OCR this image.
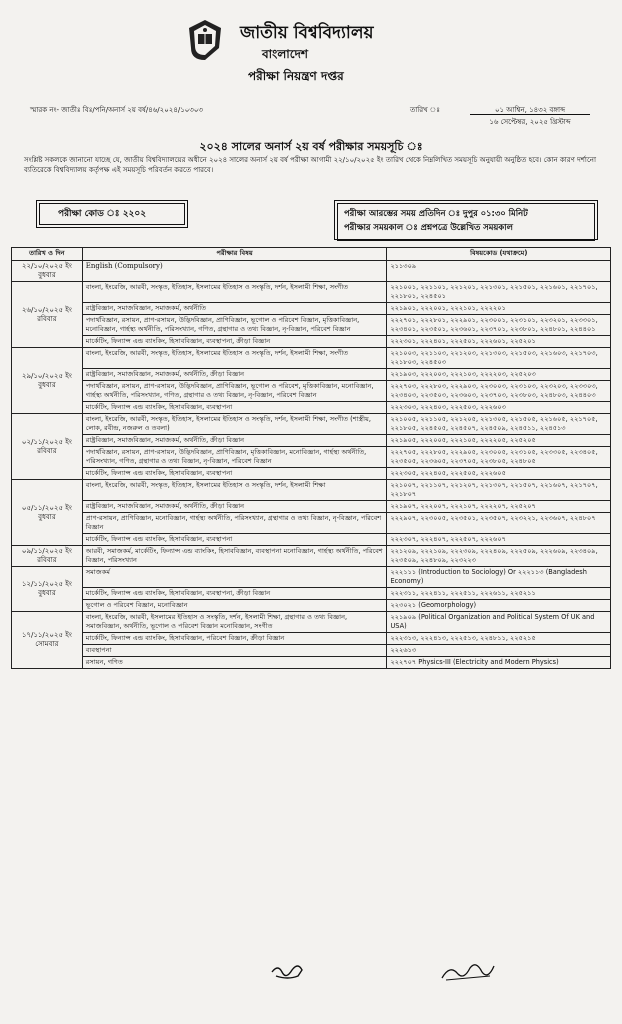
জাতীয় বিশ্ববিদ্যালয়
বাংলাদেশ
পরীক্ষা নিয়ন্ত্রণ দপ্তর
স্মারক নং- জাতীঃ বিঃ/পনি/অনার্স ২য় বর্ষ/৪৬/২০২৪/১০৩০৩	তারিখ ঃ	০১ আশ্বিন, ১৪৩২ বঙ্গাব্দ
১৬ সেপ্টেম্বর, ২০২৫ খ্রিস্টাব্দ
২০২৪ সালের অনার্স ২য় বর্ষ পরীক্ষার সময়সূচি ঃ
সংশ্লিষ্ট সকলকে জানানো যাচ্ছে যে, জাতীয় বিশ্ববিদ্যালয়ের অধীনে ২০২৪ সালের অনার্স ২য় বর্ষ পরীক্ষা আগামী ২২/১০/২০২৫ ইং তারিখ থেকে নিম্নলিখিত সময়সূচি অনুযায়ী অনুষ্ঠিত হবে। কোন কারণ দর্শানো ব্যতিরেকে বিশ্ববিদ্যালয় কর্তৃপক্ষ এই সময়সূচি পরিবর্তন করতে পারবে।
পরীক্ষা কোড ঃ ২২০২	পরীক্ষা আরম্ভের সময় প্রতিদিন ঃ দুপুর ০১:৩০ মিনিট
পরীক্ষার সময়কাল ঃ প্রশ্নপত্রে উল্লেখিত সময়কাল
তারিখ ও দিন	পরীক্ষার বিষয়	বিষয়কোড (যথাক্রমে)
২২/১০/২০২৫ ইং
বুধবার	English (Compulsory)	২১১৩০৯
২৬/১০/২০২৫ ইং
রবিবার	বাংলা, ইংরেজি, আরবী, সংস্কৃত, ইতিহাস, ইসলামের ইতিহাস ও সংস্কৃতি, দর্শন, ইসলামী শিক্ষা, সংগীত	২২১০০১, ২২১১০১, ২২১২০১, ২২১৩০১, ২২১৫০১, ২২১৬০১, ২২১৭০১, ২২১৮০১, ২২৪৫০১
	রাষ্ট্রবিজ্ঞান, সমাজবিজ্ঞান, সমাজকর্ম, অর্থনীতি	২২১৯০১, ২২২০০১, ২২২১০১, ২২২২০১
	পদার্থবিজ্ঞান, রসায়ন, প্রাণ-রসায়ন, উদ্ভিদবিজ্ঞান, প্রাণিবিজ্ঞান, ভূগোল ও পরিবেশ বিজ্ঞান, মৃত্তিকাবিজ্ঞান, মনোবিজ্ঞান, গার্হস্থ্য অর্থনীতি, পরিসংখ্যান, গণিত, গ্রন্থাগার ও তথ্য বিজ্ঞান, নৃ-বিজ্ঞান, পরিবেশ বিজ্ঞান	২২২৭০১, ২২২৮০১, ২২২৯০১, ২২৩০০১, ২২৩১০১, ২২৩২০১, ২২৩৩০১, ২২৩৪০১, ২২৩৫০১, ২২৩৬০১, ২২৩৭০১, ২২৩৮০১, ২২৪৮০১, ২২৪৪০১
	মার্কেটিং, ফিন্যান্স এন্ড ব্যাংকিং, হিসাববিজ্ঞান, ব্যবস্থাপনা, ক্রীড়া বিজ্ঞান	২২২৩০১, ২২২৪০১, ২২২৫০১, ২২২৬০১, ২২৫২০১
২৯/১০/২০২৫ ইং
বুধবার	বাংলা, ইংরেজি, আরবী, সংস্কৃত, ইতিহাস, ইসলামের ইতিহাস ও সংস্কৃতি, দর্শন, ইসলামী শিক্ষা, সংগীত	২২১০০৩, ২২১১০৩, ২২১২০৩, ২২১৩০৩, ২২১৫০৩, ২২১৬০৩, ২২১৭০৩, ২২১৮০৩, ২২৪৫০৩
	রাষ্ট্রবিজ্ঞান, সমাজবিজ্ঞান, সমাজকর্ম, অর্থনীতি, ক্রীড়া বিজ্ঞান	২২১৯০৩, ২২২০০৩, ২২২১০৩, ২২২২০৩, ২২৫২০৩
	পদার্থবিজ্ঞান, রসায়ন, প্রাণ-রসায়ন, উদ্ভিদবিজ্ঞান, প্রাণিবিজ্ঞান, ভূগোল ও পরিবেশ, মৃত্তিকাবিজ্ঞান, মনোবিজ্ঞান, গার্হস্থ্য অর্থনীতি, পরিসংখ্যান, গণিত, গ্রন্থাগার ও তথ্য বিজ্ঞান, নৃ-বিজ্ঞান, পরিবেশ বিজ্ঞান	২২২৭০৩, ২২২৮০৩, ২২২৯০৩, ২২৩০০৩, ২২৩১০৩, ২২৩২০৩, ২২৩৩০৩, ২২৩৪০৩, ২২৩৫০৩, ২২৩৬০৩, ২২৩৭০৩, ২২৩৮০৩, ২২৪৮০৩, ২২৪৪০৩
	মার্কেটিং, ফিন্যান্স এন্ড ব্যাংকিং, হিসাববিজ্ঞান, ব্যবস্থাপনা	২২২৩০৩, ২২২৪০৩, ২২২৫০৩, ২২২৬০৩
০২/১১/২০২৫ ইং
রবিবার	বাংলা, ইংরেজি, আরবী, সংস্কৃত, ইতিহাস, ইসলামের ইতিহাস ও সংস্কৃতি, দর্শন, ইসলামী শিক্ষা, সংগীত (শাস্ত্রীয়, লোক, রবীন্দ্র, নজরুল ও তবলা)	২২১০০৫, ২২১১০৫, ২২১২০৫, ২২১৩০৫, ২২১৫০৫, ২২১৬০৫, ২২১৭০৫, ২২১৮০৫, ২২৪৫০৫, ২২৪৫০৭, ২২৪৫০৯, ২২৪৫১১, ২২৪৫১৩
	রাষ্ট্রবিজ্ঞান, সমাজবিজ্ঞান, সমাজকর্ম, অর্থনীতি, ক্রীড়া বিজ্ঞান	২২১৯০৫, ২২২০০৫, ২২২১০৫, ২২২২০৫, ২২৫২০৫
	পদার্থবিজ্ঞান, রসায়ন, প্রাণ-রসায়ন, উদ্ভিদবিজ্ঞান, প্রাণিবিজ্ঞান, মৃত্তিকাবিজ্ঞান, মনোবিজ্ঞান, গার্হস্থ্য অর্থনীতি, পরিসংখ্যান, গণিত, গ্রন্থাগার ও তথ্য বিজ্ঞান, নৃ-বিজ্ঞান, পরিবেশ বিজ্ঞান	২২২৭০৫, ২২২৮০৫, ২২২৯০৫, ২২৩০০৫, ২২৩১০৫, ২২৩৩০৫, ২২৩৪০৫, ২২৩৫০৫, ২২৩৬০৫, ২২৩৭০৫, ২২৩৮০৫, ২২৪৮০৫
	মার্কেটিং, ফিন্যান্স এন্ড ব্যাংকিং, হিসাববিজ্ঞান, ব্যবস্থাপনা	২২২৩০৫, ২২২৪০৫, ২২২৫০৫, ২২২৬০৫
০৫/১১/২০২৫ ইং
বুধবার	বাংলা, ইংরেজি, আরবী, সংস্কৃত, ইতিহাস, ইসলামের ইতিহাস ও সংস্কৃতি, দর্শন, ইসলামী শিক্ষা	২২১০০৭, ২২১১০৭, ২২১২০৭, ২২১৩০৭, ২২১৫০৭, ২২১৬০৭, ২২১৭০৭, ২২১৮০৭
	রাষ্ট্রবিজ্ঞান, সমাজবিজ্ঞান, সমাজকর্ম, অর্থনীতি, ক্রীড়া বিজ্ঞান	২২১৯০৭, ২২২০০৭, ২২২১০৭, ২২২২০৭, ২২৫২০৭
	প্রাণ-রসায়ন, প্রাণিবিজ্ঞান, মনোবিজ্ঞান, গার্হস্থ্য অর্থনীতি, পরিসংখ্যান, গ্রন্থাগার ও তথ্য বিজ্ঞান, নৃ-বিজ্ঞান, পরিবেশ বিজ্ঞান	২২২৯০৭, ২২৩০০৫, ২২৩৫০১, ২২৩৫০৭, ২২৩২২১, ২২৩৬০৭, ২২৪৮০৭
	মার্কেটিং, ফিন্যান্স এন্ড ব্যাংকিং, হিসাববিজ্ঞান, ব্যবস্থাপনা	২২২৩০৭, ২২২৪০৭, ২২২৫০৭, ২২২৬০৭
০৯/১১/২০২৫ ইং
রবিবার	আরবী, সমাজকর্ম, মার্কেটিং, ফিন্যান্স এন্ড ব্যাংকিং, হিসাববিজ্ঞান, ব্যবস্থাপনা মনোবিজ্ঞান, গার্হস্থ্য অর্থনীতি, পরিবেশ বিজ্ঞান, পরিসংখ্যান	২২১২০৯, ২২২১০৯, ২২২৩০৯, ২২২৪০৯, ২২২৫০৯, ২২২৬০৯, ২২৩৪০৯, ২২৩৫০৯, ২২৪৮০৯, ২২৩২২৩
১২/১১/২০২৫ ইং
বুধবার	সমাজকর্ম	২২২১১১ (Introduction to Sociology) Or ২২২১১৩ (Bangladesh Economy)
	মার্কেটিং, ফিন্যান্স এন্ড ব্যাংকিং, হিসাববিজ্ঞান, ব্যবস্থাপনা, ক্রীড়া বিজ্ঞান	২২২৩১১, ২২২৪১১, ২২২৫১১, ২২২৬১১, ২২৫২১১
	ভূগোল ও পরিবেশ বিজ্ঞান, মনোবিজ্ঞান	২২৩০২১ (Geomorphology)
১৭/১১/২০২৫ ইং
সোমবার	বাংলা, ইংরেজি, আরবী, ইসলামের ইতিহাস ও সংস্কৃতি, দর্শন, ইসলামী শিক্ষা, গ্রন্থাগার ও তথ্য বিজ্ঞান, সমাজবিজ্ঞান, অর্থনীতি, ভূগোল ও পরিবেশ বিজ্ঞান মনোবিজ্ঞান, সংগীত	২২১৯০৯ (Political Organization and Political System Of UK and USA)
	মার্কেটিং, ফিন্যান্স এন্ড ব্যাংকিং, হিসাববিজ্ঞান, পরিবেশ বিজ্ঞান, ক্রীড়া বিজ্ঞান	২২২৩১৩, ২২২৪১৩, ২২২৫১৩, ২২৪৮১১, ২২৫২১৫
	ব্যবস্থাপনা	২২২৬১৩
	রসায়ন, গণিত	২২২৭০৭ Physics-III (Electricity and Modern Physics)
